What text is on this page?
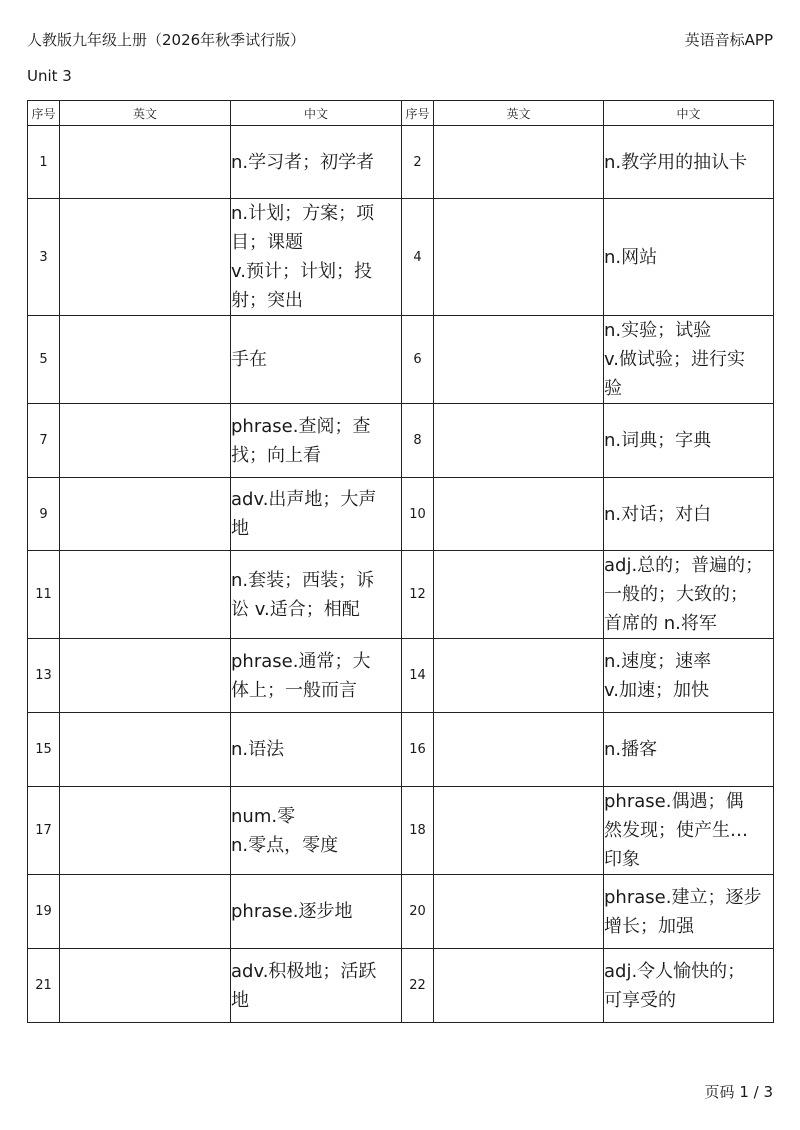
人教版九年级上册（2026年秋季试行版）	英语音标APP
Unit 3
序号	英文	中文	序号	英文	中文
1		n.学习者；初学者	2		n.教学用的抽认卡
3		n.计划；方案；项
目；课题
v.预计；计划；投
射；突出	4		n.网站
5		手在	6		n.实验；试验
v.做试验；进行实
验
7		phrase.查阅；查
找；向上看	8		n.词典；字典
9		adv.出声地；大声
地	10		n.对话；对白
11		n.套装；西装；诉
讼 v.适合；相配	12		adj.总的；普遍的；
一般的；大致的；
首席的 n.将军
13		phrase.通常；大
体上；一般而言	14		n.速度；速率
v.加速；加快
15		n.语法	16		n.播客
17		num.零
n.零点，零度	18		phrase.偶遇；偶
然发现；使产生…
印象
19		phrase.逐步地	20		phrase.建立；逐步
增长；加强
21		adv.积极地；活跃
地	22		adj.令人愉快的；
可享受的
页码 1 / 3
